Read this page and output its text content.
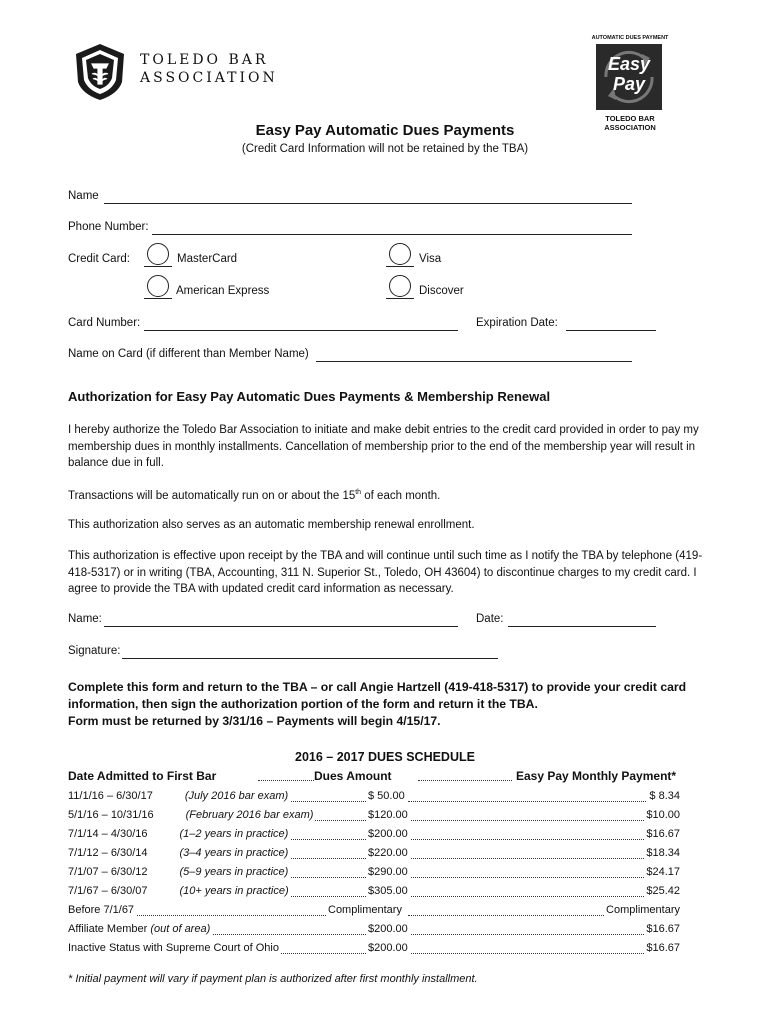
TOLEDO BAR
ASSOCIATION
AUTOMATIC DUES PAYMENT
Easy
Pay
TOLEDO BAR
ASSOCIATION
Easy Pay Automatic Dues Payments
(Credit Card Information will not be retained by the TBA)
Name
Phone Number:
Credit Card:	MasterCard	Visa
American Express	Discover
Card Number:	Expiration Date:
Name on Card (if different than Member Name)
Authorization for Easy Pay Automatic Dues Payments & Membership Renewal
I hereby authorize the Toledo Bar Association to initiate and make debit entries to the credit card provided in order to pay my membership dues in monthly installments. Cancellation of membership prior to the end of the membership year will result in balance due in full.
Transactions will be automatically run on or about the 15th of each month.
This authorization also serves as an automatic membership renewal enrollment.
This authorization is effective upon receipt by the TBA and will continue until such time as I notify the TBA by telephone (419-418-5317) or in writing (TBA, Accounting, 311 N. Superior St., Toledo, OH 43604) to discontinue charges to my credit card. I agree to provide the TBA with updated credit card information as necessary.
Name:	Date:
Signature:
Complete this form and return to the TBA – or call Angie Hartzell (419-418-5317) to provide your credit card
information, then sign the authorization portion of the form and return it the TBA.
Form must be returned by 3/31/16 – Payments will begin 4/15/17.
2016 – 2017 DUES SCHEDULE
Date Admitted to First Bar	Dues Amount	Easy Pay Monthly Payment*
11/1/16 – 6/30/17	(July 2016 bar exam)	$ 50.00	$ 8.34
5/1/16 – 10/31/16	(February 2016 bar exam)	$120.00	$10.00
7/1/14 – 4/30/16	(1–2 years in practice)	$200.00	$16.67
7/1/12 – 6/30/14	(3–4 years in practice)	$220.00	$18.34
7/1/07 – 6/30/12	(5–9 years in practice)	$290.00	$24.17
7/1/67 – 6/30/07	(10+ years in practice)	$305.00	$25.42
Before 7/1/67	Complimentary	Complimentary
Affiliate Member (out of area)	$200.00	$16.67
Inactive Status with Supreme Court of Ohio	$200.00	$16.67
* Initial payment will vary if payment plan is authorized after first monthly installment.
